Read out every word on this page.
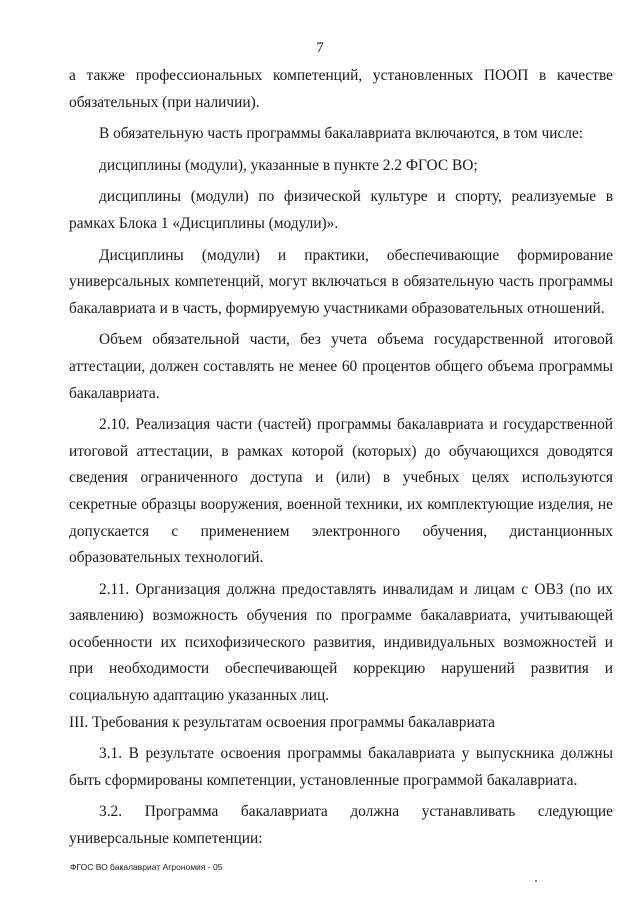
7

а также профессиональных компетенций, установленных ПООП в качестве обязательных (при наличии).

В обязательную часть программы бакалавриата включаются, в том числе:

дисциплины (модули), указанные в пункте 2.2 ФГОС ВО;

дисциплины (модули) по физической культуре и спорту, реализуемые в рамках Блока 1 «Дисциплины (модули)».

Дисциплины (модули) и практики, обеспечивающие формирование универсальных компетенций, могут включаться в обязательную часть программы бакалавриата и в часть, формируемую участниками образовательных отношений.

Объем обязательной части, без учета объема государственной итоговой аттестации, должен составлять не менее 60 процентов общего объема программы бакалавриата.

2.10. Реализация части (частей) программы бакалавриата и государственной итоговой аттестации, в рамках которой (которых) до обучающихся доводятся сведения ограниченного доступа и (или) в учебных целях используются секретные образцы вооружения, военной техники, их комплектующие изделия, не допускается с применением электронного обучения, дистанционных образовательных технологий.

2.11. Организация должна предоставлять инвалидам и лицам с ОВЗ (по их заявлению) возможность обучения по программе бакалавриата, учитывающей особенности их психофизического развития, индивидуальных возможностей и при необходимости обеспечивающей коррекцию нарушений развития и социальную адаптацию указанных лиц.

III. Требования к результатам освоения программы бакалавриата

3.1. В результате освоения программы бакалавриата у выпускника должны быть сформированы компетенции, установленные программой бакалавриата.

3.2. Программа бакалавриата должна устанавливать следующие универсальные компетенции:

ФГОС ВО бакалавриат Агрономия - 05
